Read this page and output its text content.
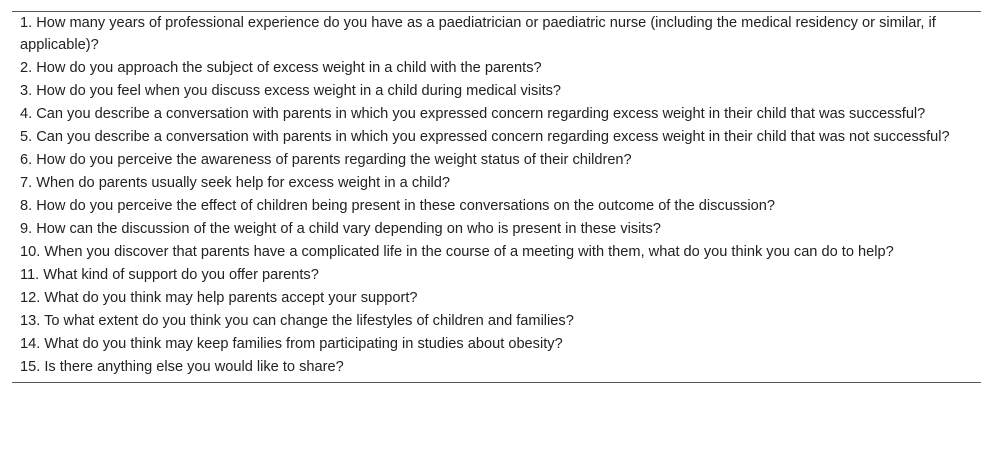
1. How many years of professional experience do you have as a paediatrician or paediatric nurse (including the medical residency or similar, if applicable)?

2. How do you approach the subject of excess weight in a child with the parents?

3. How do you feel when you discuss excess weight in a child during medical visits?

4. Can you describe a conversation with parents in which you expressed concern regarding excess weight in their child that was successful?

5. Can you describe a conversation with parents in which you expressed concern regarding excess weight in their child that was not successful?

6. How do you perceive the awareness of parents regarding the weight status of their children?

7. When do parents usually seek help for excess weight in a child?

8. How do you perceive the effect of children being present in these conversations on the outcome of the discussion?

9. How can the discussion of the weight of a child vary depending on who is present in these visits?

10. When you discover that parents have a complicated life in the course of a meeting with them, what do you think you can do to help?

11. What kind of support do you offer parents?

12. What do you think may help parents accept your support?

13. To what extent do you think you can change the lifestyles of children and families?

14. What do you think may keep families from participating in studies about obesity?

15. Is there anything else you would like to share?
